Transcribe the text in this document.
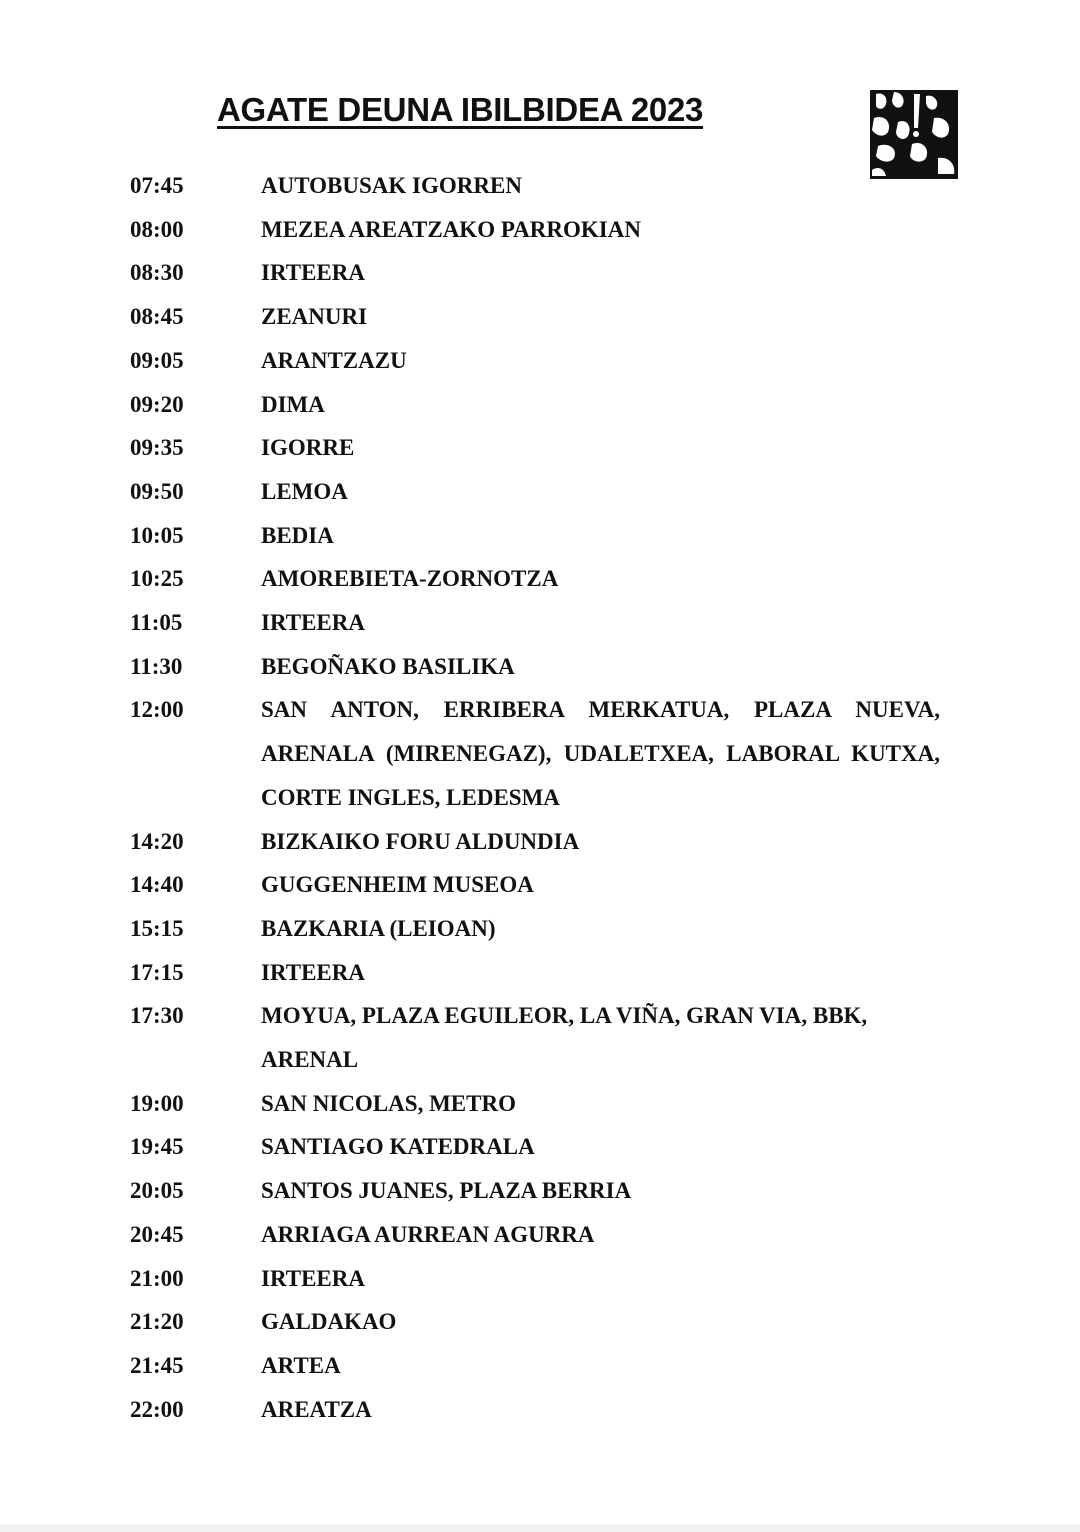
AGATE DEUNA IBILBIDEA 2023
07:45	AUTOBUSAK IGORREN
08:00	MEZEA AREATZAKO PARROKIAN
08:30	IRTEERA
08:45	ZEANURI
09:05	ARANTZAZU
09:20	DIMA
09:35	IGORRE
09:50	LEMOA
10:05	BEDIA
10:25	AMOREBIETA-ZORNOTZA
11:05	IRTEERA
11:30	BEGOÑAKO BASILIKA
12:00	SAN ANTON, ERRIBERA MERKATUA, PLAZA NUEVA, ARENALA (MIRENEGAZ), UDALETXEA, LABORAL KUTXA, CORTE INGLES, LEDESMA
14:20	BIZKAIKO FORU ALDUNDIA
14:40	GUGGENHEIM MUSEOA
15:15	BAZKARIA (LEIOAN)
17:15	IRTEERA
17:30	MOYUA, PLAZA EGUILEOR, LA VIÑA, GRAN VIA, BBK, ARENAL
19:00	SAN NICOLAS, METRO
19:45	SANTIAGO KATEDRALA
20:05	SANTOS JUANES, PLAZA BERRIA
20:45	ARRIAGA AURREAN AGURRA
21:00	IRTEERA
21:20	GALDAKAO
21:45	ARTEA
22:00	AREATZA
